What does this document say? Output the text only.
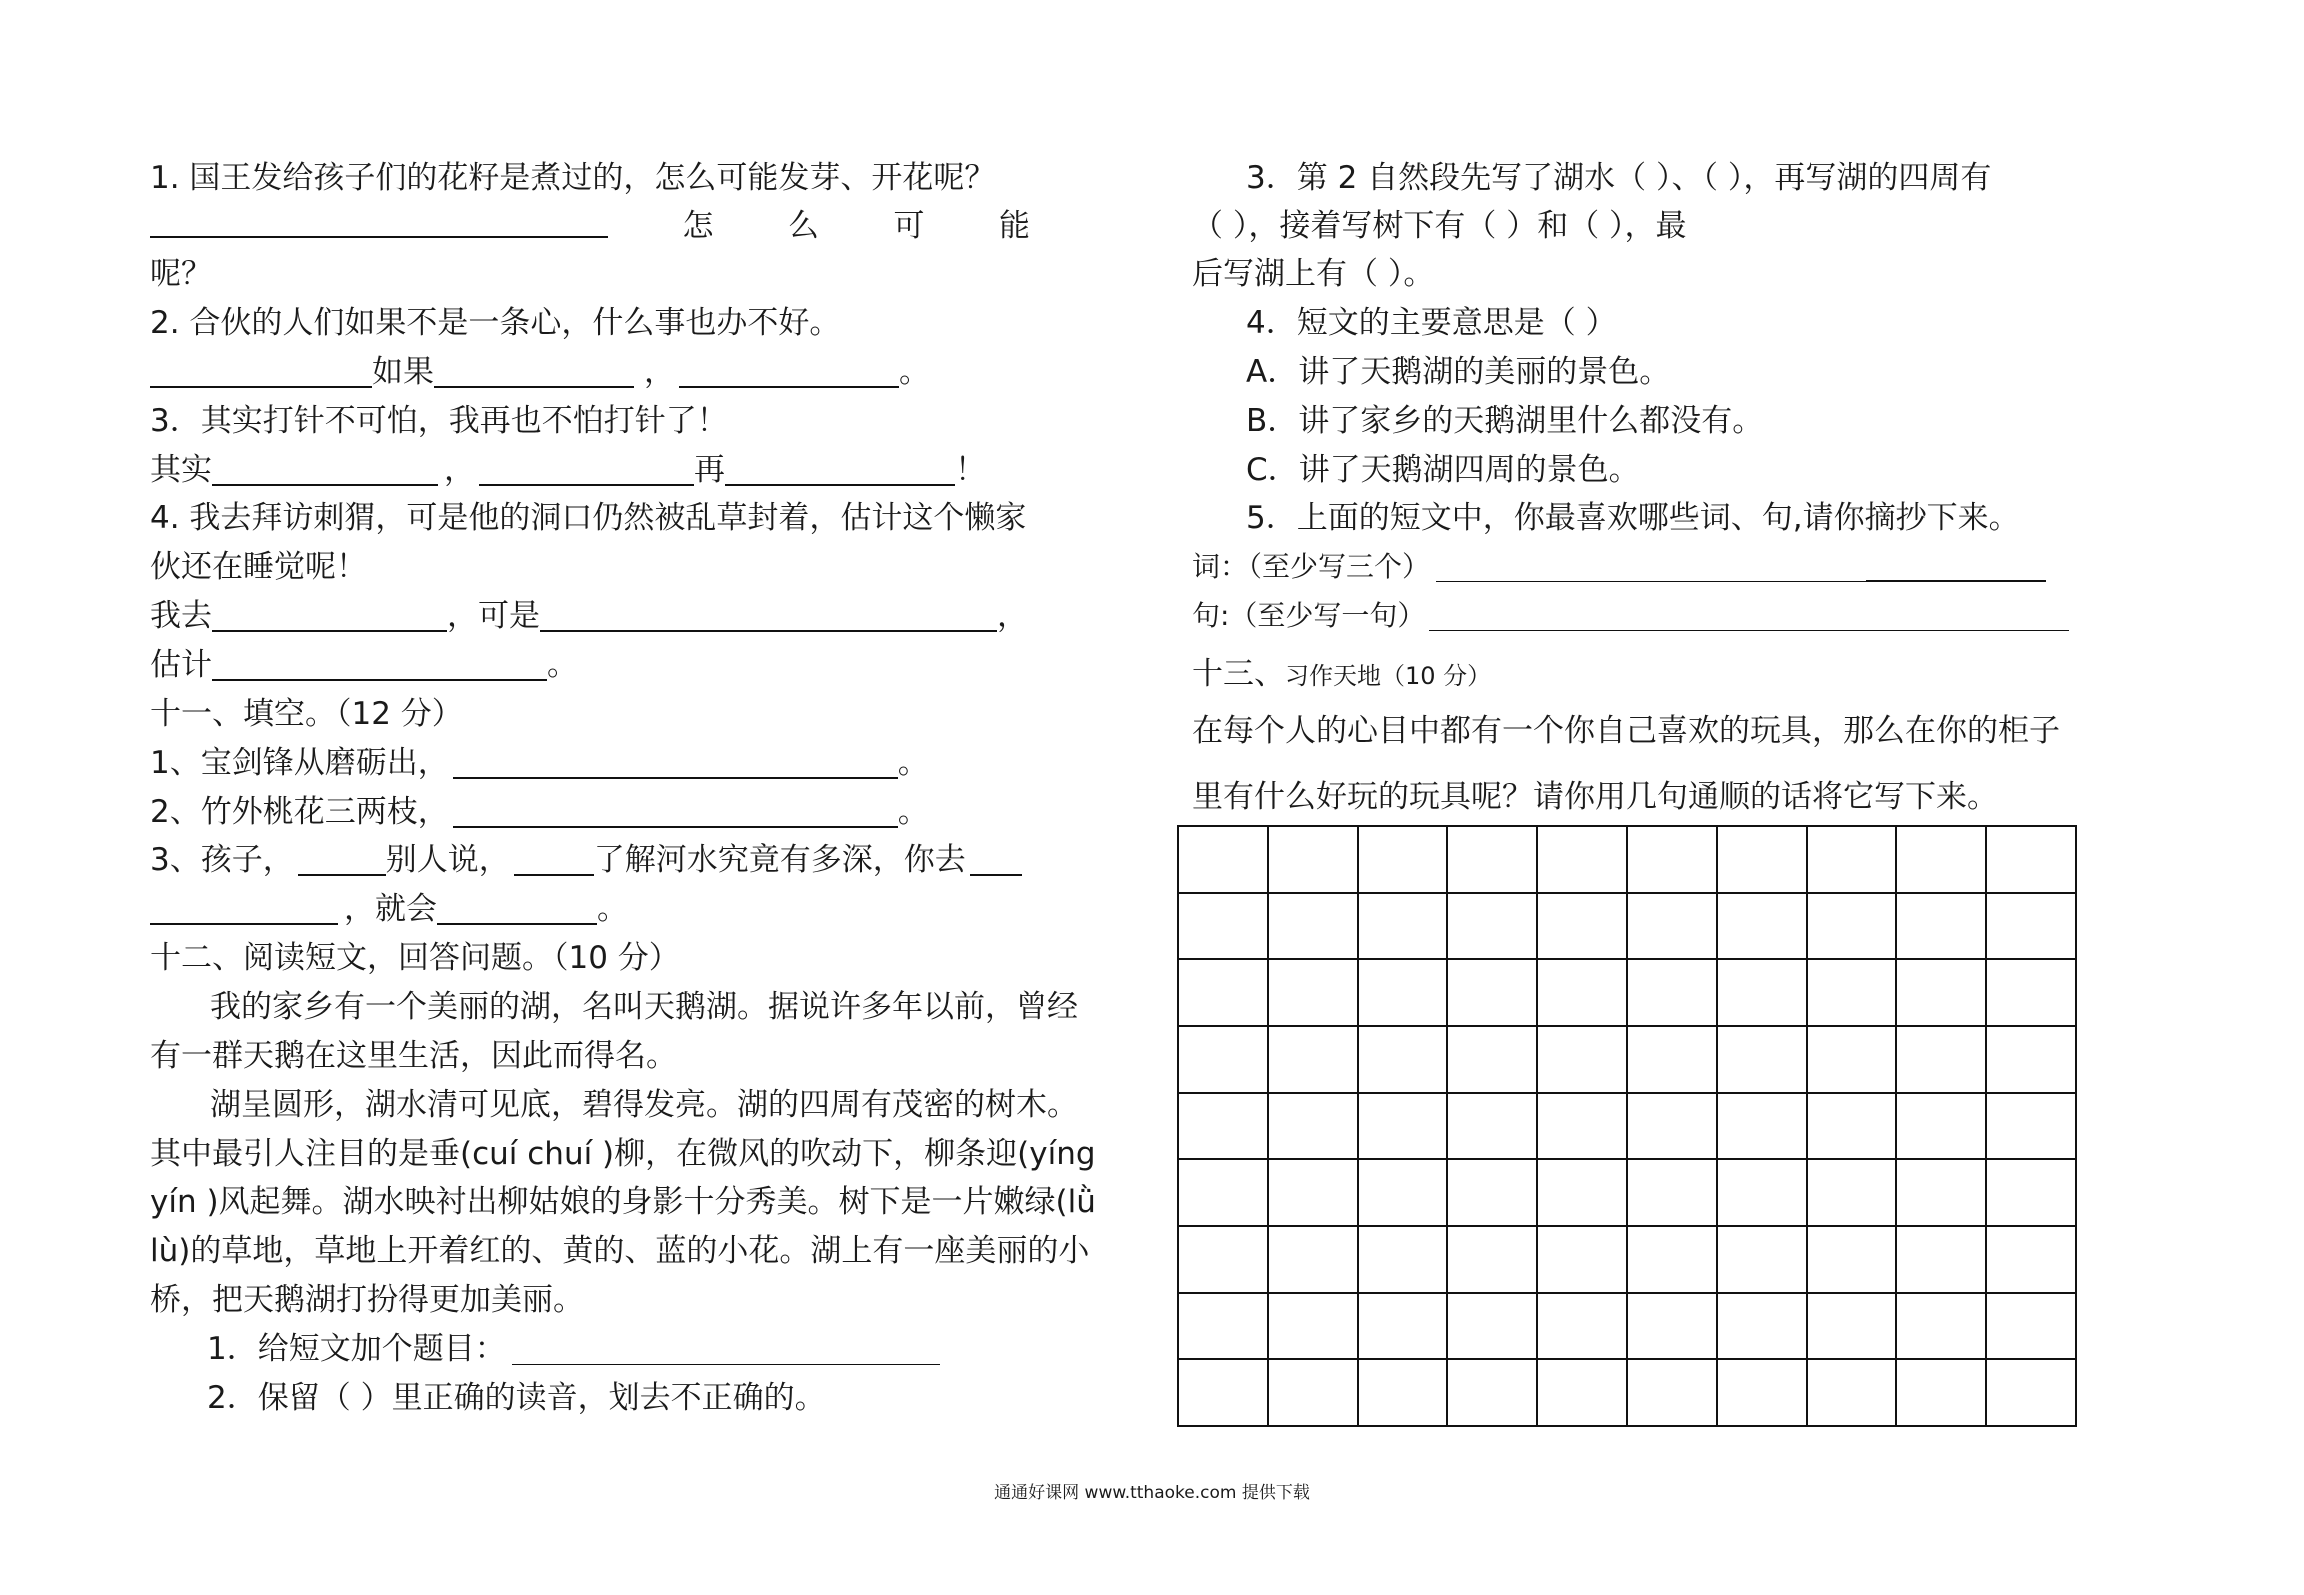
1. 国王发给孩子们的花籽是煮过的，怎么可能发芽、开花呢？
怎 么 可 能
呢？
2. 合伙的人们如果不是一条心，什么事也办不好。
如果	，	。
3．其实打针不可怕，我再也不怕打针了！
其实	，	再	！
4. 我去拜访刺猬，可是他的洞口仍然被乱草封着，估计这个懒家
伙还在睡觉呢！
我去	，可是	，
估计	。
十一、填空。（12 分）
1、宝剑锋从磨砺出，	。
2、竹外桃花三两枝，	。
3、孩子，	别人说，	了解河水究竟有多深，你去
，就会	。
十二、阅读短文，回答问题。（10 分）
我的家乡有一个美丽的湖，名叫天鹅湖。据说许多年以前，曾经
有一群天鹅在这里生活，因此而得名。
湖呈圆形，湖水清可见底，碧得发亮。湖的四周有茂密的树木。
其中最引人注目的是垂(cuí chuí )柳，在微风的吹动下，柳条迎(yíng
yín )风起舞。湖水映衬出柳姑娘的身影十分秀美。树下是一片嫩绿(lǜ
lù)的草地，草地上开着红的、黄的、蓝的小花。湖上有一座美丽的小
桥，把天鹅湖打扮得更加美丽。
1．给短文加个题目：
2．保留（ ）里正确的读音，划去不正确的。
3．第 2 自然段先写了湖水（ ）、（ ），再写湖的四周有
（ ），接着写树下有（ ）和（ ），最
后写湖上有（ ）。
4．短文的主要意思是（ ）
A．讲了天鹅湖的美丽的景色。
B．讲了家乡的天鹅湖里什么都没有。
C．讲了天鹅湖四周的景色。
5．上面的短文中，你最喜欢哪些词、句,请你摘抄下来。
词：（至少写三个）
句:（至少写一句）
十三、习作天地（10 分）
在每个人的心目中都有一个你自己喜欢的玩具，那么在你的柜子
里有什么好玩的玩具呢？请你用几句通顺的话将它写下来。
通通好课网 www.tthaoke.com 提供下载
